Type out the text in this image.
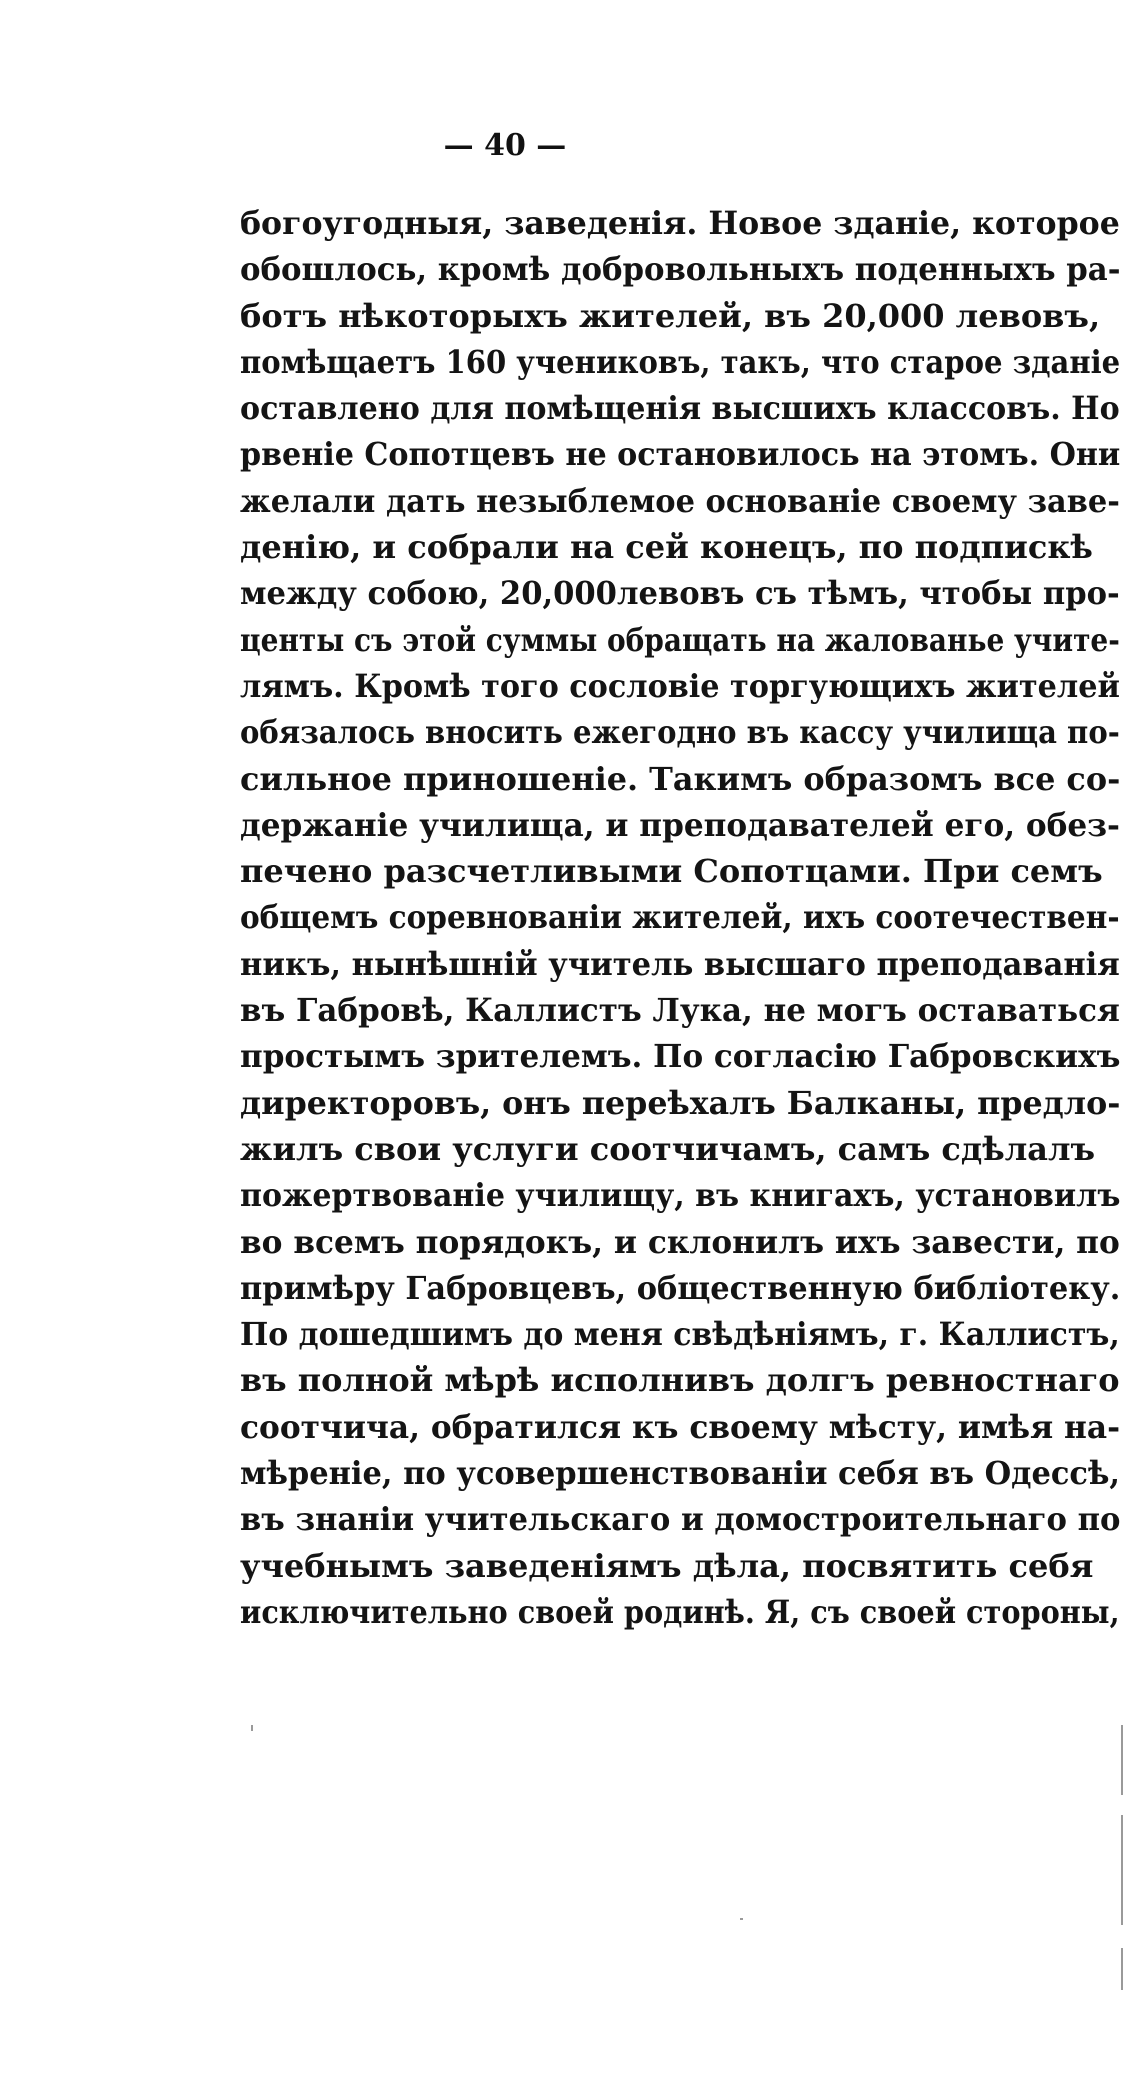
— 40 —
богоугодныя, заведенія. Новое зданіе, которое
обошлось, кромѣ добровольныхъ поденныхъ ра-
ботъ нѣкоторыхъ жителей, въ 20,000 левовъ,
помѣщаетъ 160 учениковъ, такъ, что старое зданіе
оставлено для помѣщенія высшихъ классовъ. Но
рвеніе Сопотцевъ не остановилось на этомъ. Они
желали дать незыблемое основаніе своему заве-
денію, и собрали на сей конецъ, по подпискѣ
между собою, 20,000левовъ съ тѣмъ, чтобы про-
центы съ этой суммы обращать на жалованье учите-
лямъ. Кромѣ того сословіе торгующихъ жителей
обязалось вносить ежегодно въ кассу училища по-
сильное приношеніе. Такимъ образомъ все со-
держаніе училища, и преподавателей его, обез-
печено разсчетливыми Сопотцами. При семъ
общемъ соревнованіи жителей, ихъ соотечествен-
никъ, нынѣшній учитель высшаго преподаванія
въ Габровѣ, Каллистъ Лука, не могъ оставаться
простымъ зрителемъ. По согласію Габровскихъ
директоровъ, онъ переѣхалъ Балканы, предло-
жилъ свои услуги соотчичамъ, самъ сдѣлалъ
пожертвованіе училищу, въ книгахъ, установилъ
во всемъ порядокъ, и склонилъ ихъ завести, по
примѣру Габровцевъ, общественную библіотеку.
По дошедшимъ до меня свѣдѣніямъ, г. Каллистъ,
въ полной мѣрѣ исполнивъ долгъ ревностнаго
соотчича, обратился къ своему мѣсту, имѣя на-
мѣреніе, по усовершенствованіи себя въ Одессѣ,
въ знаніи учительскаго и домостроительнаго по
учебнымъ заведеніямъ дѣла, посвятить себя
исключительно своей родинѣ. Я, съ своей стороны,
